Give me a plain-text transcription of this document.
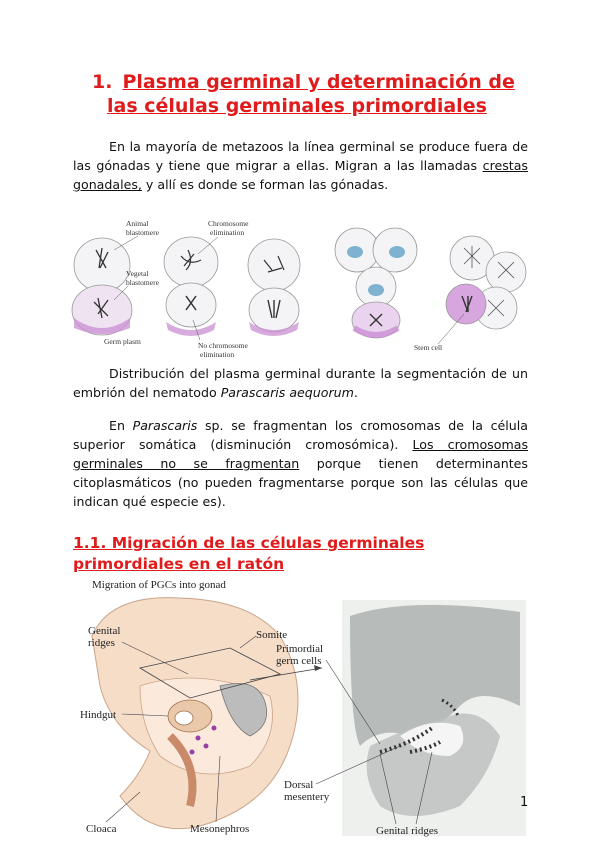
1. Plasma germinal y determinación de
las células germinales primordiales

En la mayoría de metazoos la línea germinal se produce fuera de las gónadas y tiene que migrar a ellas. Migran a las llamadas crestas gonadales, y allí es donde se forman las gónadas.

Animal
blastomere
Chromosome
elimination
Vegetal
blastomere
Germ plasm	No chromosome
elimination
Stem cell

Distribución del plasma germinal durante la segmentación de un embrión del nematodo Parascaris aequorum.

En Parascaris sp. se fragmentan los cromosomas de la célula superior somática (disminución cromosómica). Los cromosomas germinales no se fragmentan porque tienen determinantes citoplasmáticos (no pueden fragmentarse porque son las células que indican qué especie es).

1.1. Migración de las células germinales primordiales en el ratón
Migration of PGCs into gonad
Genital
ridges
Somite
Hindgut
Cloaca	Mesonephros
Primordial
germ cells
Dorsal
mesentery
Genital ridges
1
